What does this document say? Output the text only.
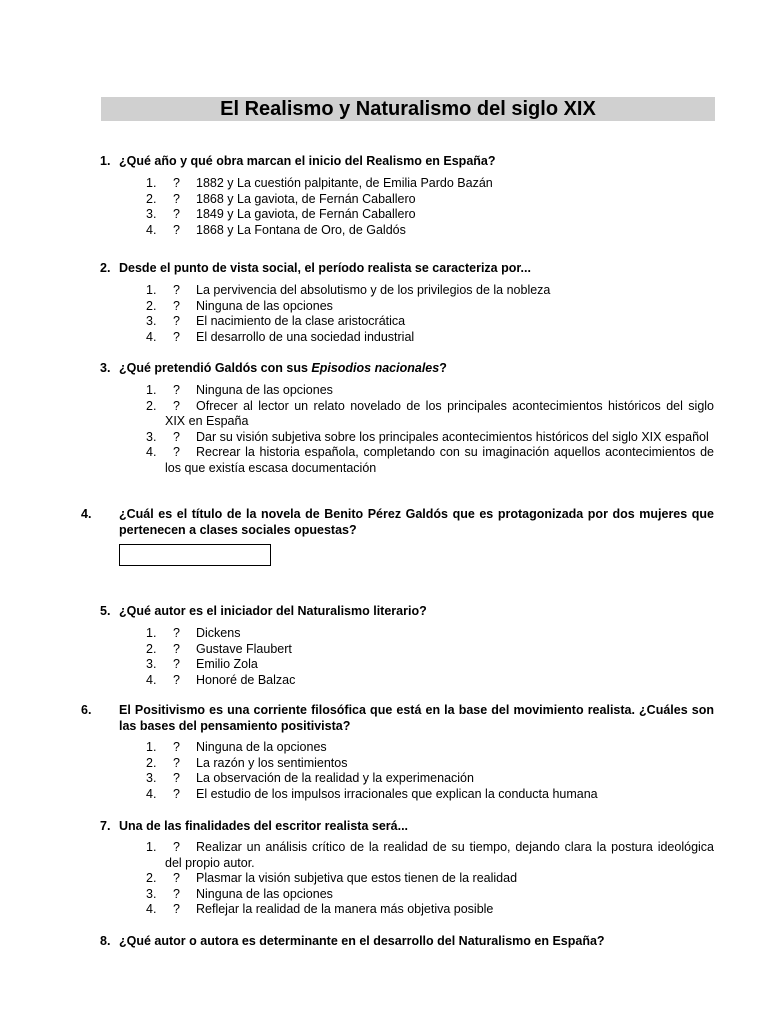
El Realismo y Naturalismo del siglo XIX
1. ¿Qué año y qué obra marcan el inicio del Realismo en España?
1.	?	1882 y La cuestión palpitante, de Emilia Pardo Bazán
2.	?	1868 y La gaviota, de Fernán Caballero
3.	?	1849 y La gaviota, de Fernán Caballero
4.	?	1868 y La Fontana de Oro, de Galdós
2. Desde el punto de vista social, el período realista se caracteriza por...
1.	?	La pervivencia del absolutismo y de los privilegios de la nobleza
2.	?	Ninguna de las opciones
3.	?	El nacimiento de la clase aristocrática
4.	?	El desarrollo de una sociedad industrial
3. ¿Qué pretendió Galdós con sus Episodios nacionales?
1.	?	Ninguna de las opciones
2. ? Ofrecer al lector un relato novelado de los principales acontecimientos históricos del siglo XIX en España
3. ? Dar su visión subjetiva sobre los principales acontecimientos históricos del siglo XIX español
4. ? Recrear la historia española, completando con su imaginación aquellos acontecimientos de los que existía escasa documentación
4. ¿Cuál es el título de la novela de Benito Pérez Galdós que es protagonizada por dos mujeres que pertenecen a clases sociales opuestas?
5. ¿Qué autor es el iniciador del Naturalismo literario?
1.	?	Dickens
2.	?	Gustave Flaubert
3.	?	Emilio Zola
4.	?	Honoré de Balzac
6. El Positivismo es una corriente filosófica que está en la base del movimiento realista. ¿Cuáles son las bases del pensamiento positivista?
1.	?	Ninguna de la opciones
2.	?	La razón y los sentimientos
3.	?	La observación de la realidad y la experimenación
4.	?	El estudio de los impulsos irracionales que explican la conducta humana
7. Una de las finalidades del escritor realista será...
1. ? Realizar un análisis crítico de la realidad de su tiempo, dejando clara la postura ideológica del propio autor.
2.	?	Plasmar la visión subjetiva que estos tienen de la realidad
3.	?	Ninguna de las opciones
4.	?	Reflejar la realidad de la manera más objetiva posible
8. ¿Qué autor o autora es determinante en el desarrollo del Naturalismo en España?
